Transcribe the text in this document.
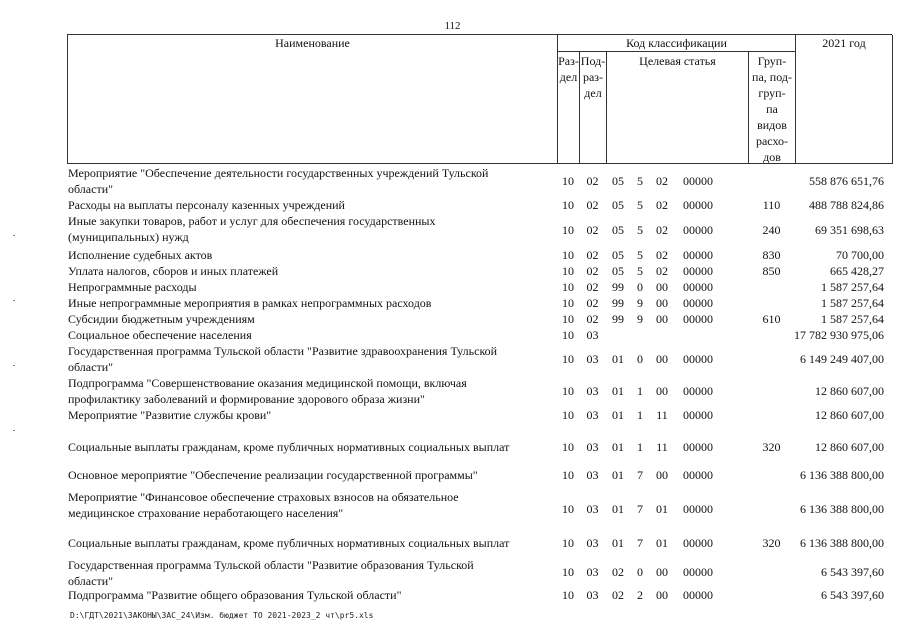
112
Наименование	Код классификации	2021 год
Раз-
дел
Под-
раз-
дел
Целевая статья	Груп-
па, под-
груп-
па
видов
расхо-
дов
Мероприятие "Обеспечение деятельности государственных учреждений Тульской
области"
10	02	05	5	02	00000	558 876 651,76
Расходы на выплаты персоналу казенных учреждений	10	02	05	5	02	00000	110	488 788 824,86
Иные закупки товаров, работ и услуг для обеспечения государственных
(муниципальных) нужд	10	02	05	5	02	00000	240	69 351 698,63
Исполнение судебных актов	10	02	05	5	02	00000	830	70 700,00
Уплата налогов, сборов и иных платежей	10	02	05	5	02	00000	850	665 428,27
Непрограммные расходы	10	02	99	0	00	00000	1 587 257,64
Иные непрограммные мероприятия в рамках непрограммных расходов	10	02	99	9	00	00000	1 587 257,64
Субсидии бюджетным учреждениям	10	02	99	9	00	00000	610	1 587 257,64
Социальное обеспечение населения	10	03	17 782 930 975,06
Государственная программа Тульской области "Развитие здравоохранения Тульской
области"
10	03	01	0	00	00000	6 149 249 407,00
Подпрограмма "Совершенствование оказания медицинской помощи, включая
профилактику заболеваний и формирование здорового образа жизни"
10	03	01	1	00	00000	12 860 607,00
Мероприятие "Развитие службы крови"	10	03	01	1	11	00000	12 860 607,00
Социальные выплаты гражданам, кроме публичных нормативных социальных выплат	10	03	01	1	11	00000	320	12 860 607,00
Основное мероприятие "Обеспечение реализации государственной программы"	10	03	01	7	00	00000	6 136 388 800,00
Мероприятие "Финансовое обеспечение страховых взносов на обязательное
медицинское страхование неработающего населения"	10	03	01	7	01	00000	6 136 388 800,00
Социальные выплаты гражданам, кроме публичных нормативных социальных выплат	10	03	01	7	01	00000	320	6 136 388 800,00
Государственная программа Тульской области "Развитие образования Тульской
области"
10	03	02	0	00	00000	6 543 397,60
Подпрограмма "Развитие общего образования Тульской области"	10	03	02	2	00	00000	6 543 397,60
D:\ГДТ\2021\ЗАКОНЫ\ЗАС_24\Изм. бюджет ТО 2021-2023_2 чт\pr5.xls
